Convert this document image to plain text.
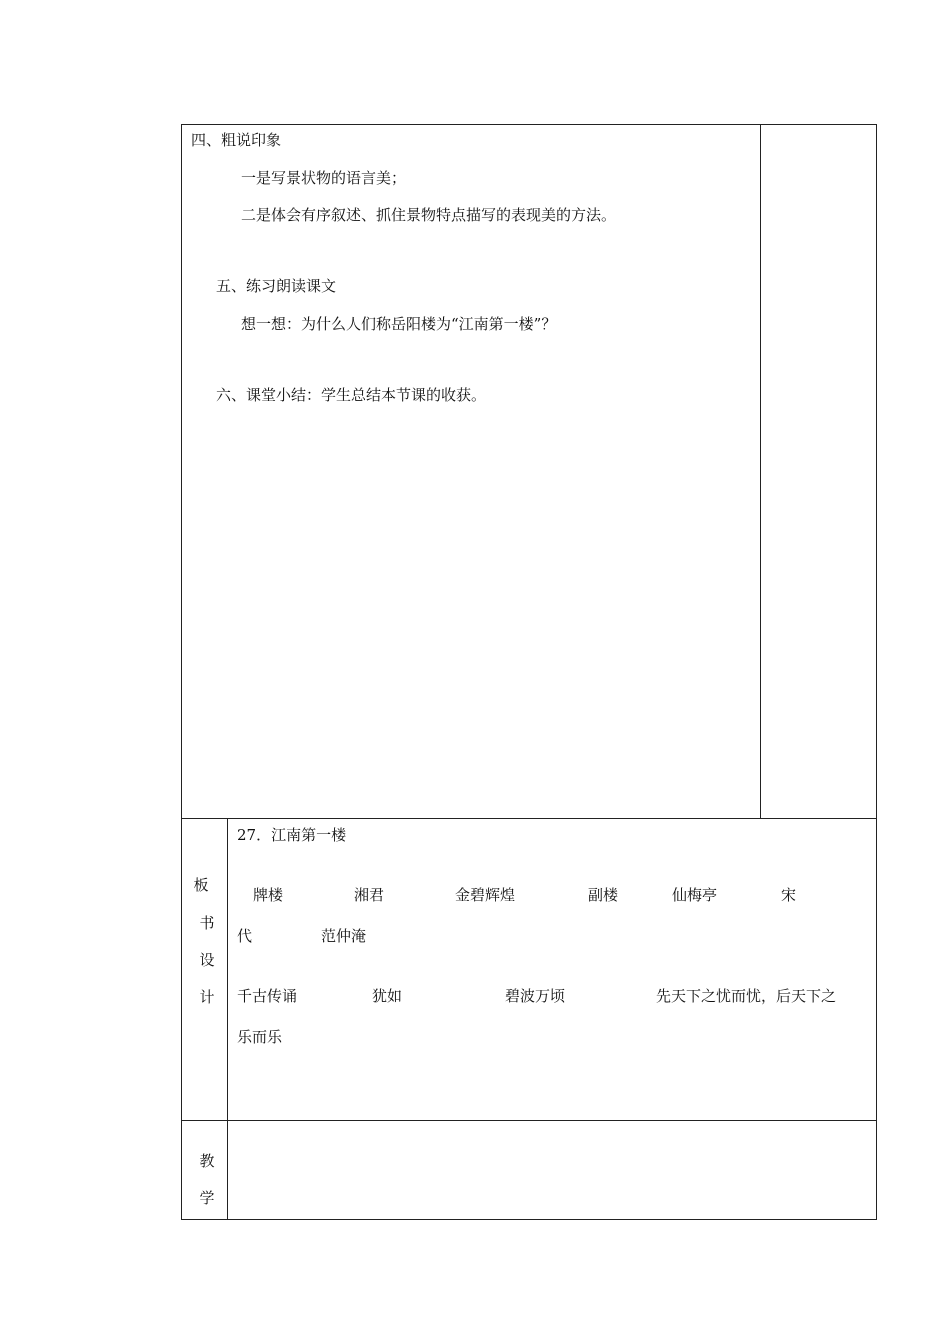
四、粗说印象
一是写景状物的语言美；
二是体会有序叙述、抓住景物特点描写的表现美的方法。
五、练习朗读课文
想一想：为什么人们称岳阳楼为“江南第一楼”？
六、课堂小结：学生总结本节课的收获。
板
书
设
计
27．江南第一楼
牌楼	湘君	金碧辉煌	副楼	仙梅亭	宋
代	范仲淹
千古传诵	犹如	碧波万顷	先天下之忧而忧，后天下之
乐而乐
教
学
